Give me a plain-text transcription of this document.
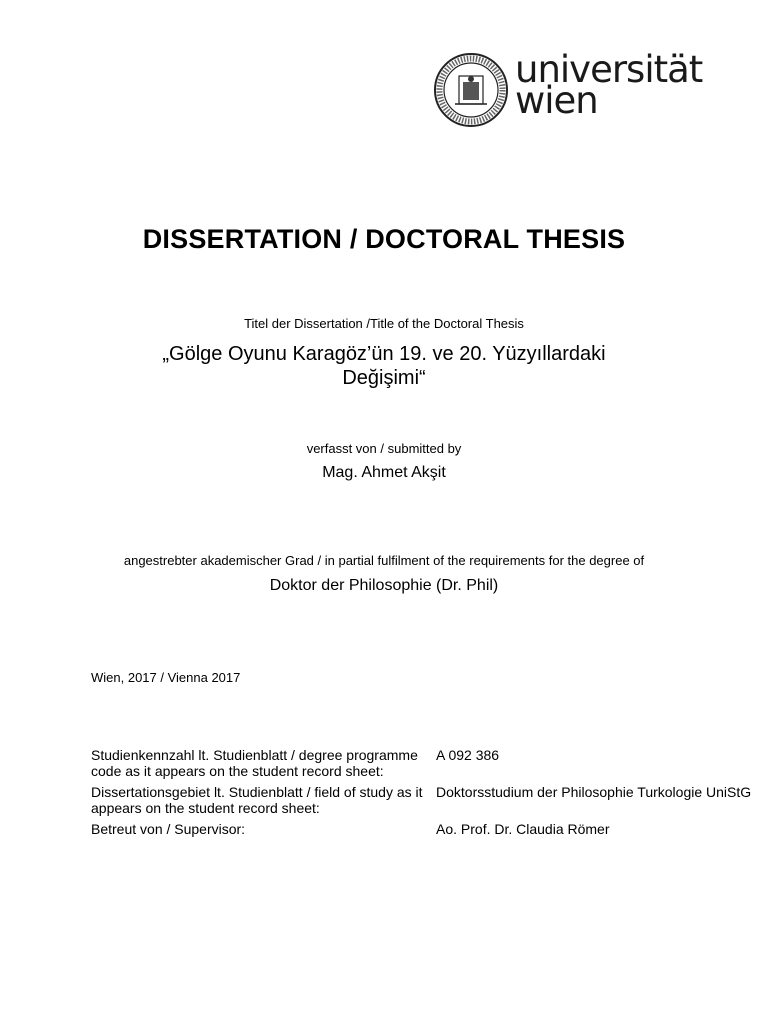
universität
wien
DISSERTATION / DOCTORAL THESIS
Titel der Dissertation /Title of the Doctoral Thesis
„Gölge Oyunu Karagöz’ün 19. ve 20. Yüzyıllardaki
Değişimi“
verfasst von / submitted by
Mag. Ahmet Akşit
angestrebter akademischer Grad / in partial fulfilment of the requirements for the degree of
Doktor der Philosophie (Dr. Phil)
Wien, 2017 / Vienna 2017
Studienkennzahl lt. Studienblatt / degree programme code as it appears on the student record sheet:
A 092 386
Dissertationsgebiet lt. Studienblatt / field of study as it appears on the student record sheet:
Doktorsstudium der Philosophie Turkologie UniStG
Betreut von / Supervisor:	Ao. Prof. Dr. Claudia Römer
